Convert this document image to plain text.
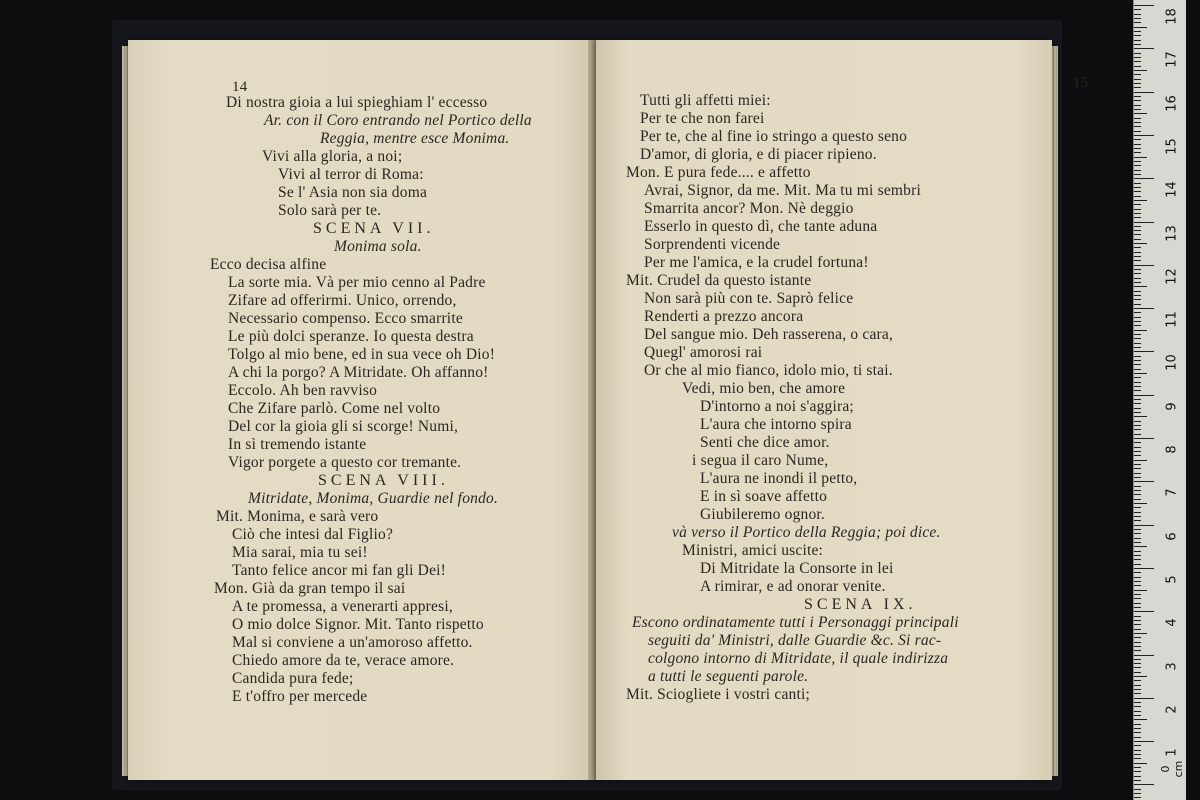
14
Di nostra gioia a lui spieghiam l' eccesso
Ar. con il Coro entrando nel Portico della
Reggia, mentre esce Monima.
Vivi alla gloria, a noi;
Vivi al terror di Roma:
Se l' Asia non sia doma
Solo sarà per te.
SCENA VII.
Monima sola.
Ecco decisa alfine
La sorte mia. Và per mio cenno al Padre
Zifare ad offerirmi. Unico, orrendo,
Necessario compenso. Ecco smarrite
Le più dolci speranze. Io questa destra
Tolgo al mio bene, ed in sua vece oh Dio!
A chi la porgo? A Mitridate. Oh affanno!
Eccolo. Ah ben ravviso
Che Zifare parlò. Come nel volto
Del cor la gioia gli si scorge! Numi,
In sì tremendo istante
Vigor porgete a questo cor tremante.
SCENA VIII.
Mitridate, Monima, Guardie nel fondo.
Mit. Monima, e sarà vero
Ciò che intesi dal Figlio?
Mia sarai, mia tu sei!
Tanto felice ancor mi fan gli Dei!
Mon. Già da gran tempo il sai
A te promessa, a venerarti appresi,
O mio dolce Signor. Mit. Tanto rispetto
Mal si conviene a un'amoroso affetto.
Chiedo amore da te, verace amore.
Candida pura fede;
E t'offro per mercede
15
Tutti gli affetti miei:
Per te che non farei
Per te, che al fine io stringo a questo seno
D'amor, di gloria, e di piacer ripieno.
Mon. E pura fede.... e affetto
Avrai, Signor, da me. Mit. Ma tu mi sembri
Smarrita ancor? Mon. Nè deggio
Esserlo in questo dì, che tante aduna
Sorprendenti vicende
Per me l'amica, e la crudel fortuna!
Mit. Crudel da questo istante
Non sarà più con te. Saprò felice
Renderti a prezzo ancora
Del sangue mio. Deh rasserena, o cara,
Quegl' amorosi rai
Or che al mio fianco, idolo mio, ti stai.
Vedi, mio ben, che amore
D'intorno a noi s'aggira;
L'aura che intorno spira
Senti che dice amor.
i segua il caro Nume,
L'aura ne inondi il petto,
E in sì soave affetto
Giubileremo ognor.
và verso il Portico della Reggia; poi dice.
Ministri, amici uscite:
Di Mitridate la Consorte in lei
A rimirar, e ad onorar venite.
SCENA IX.
Escono ordinatamente tutti i Personaggi principali
seguiti da' Ministri, dalle Guardie &c. Si rac-
colgono intorno di Mitridate, il quale indirizza
a tutti le seguenti parole.
Mit. Sciogliete i vostri canti;
0 cm
18
17
16
15
14
13
12
11
10
9
8
7
6
5
4
3
2
1
